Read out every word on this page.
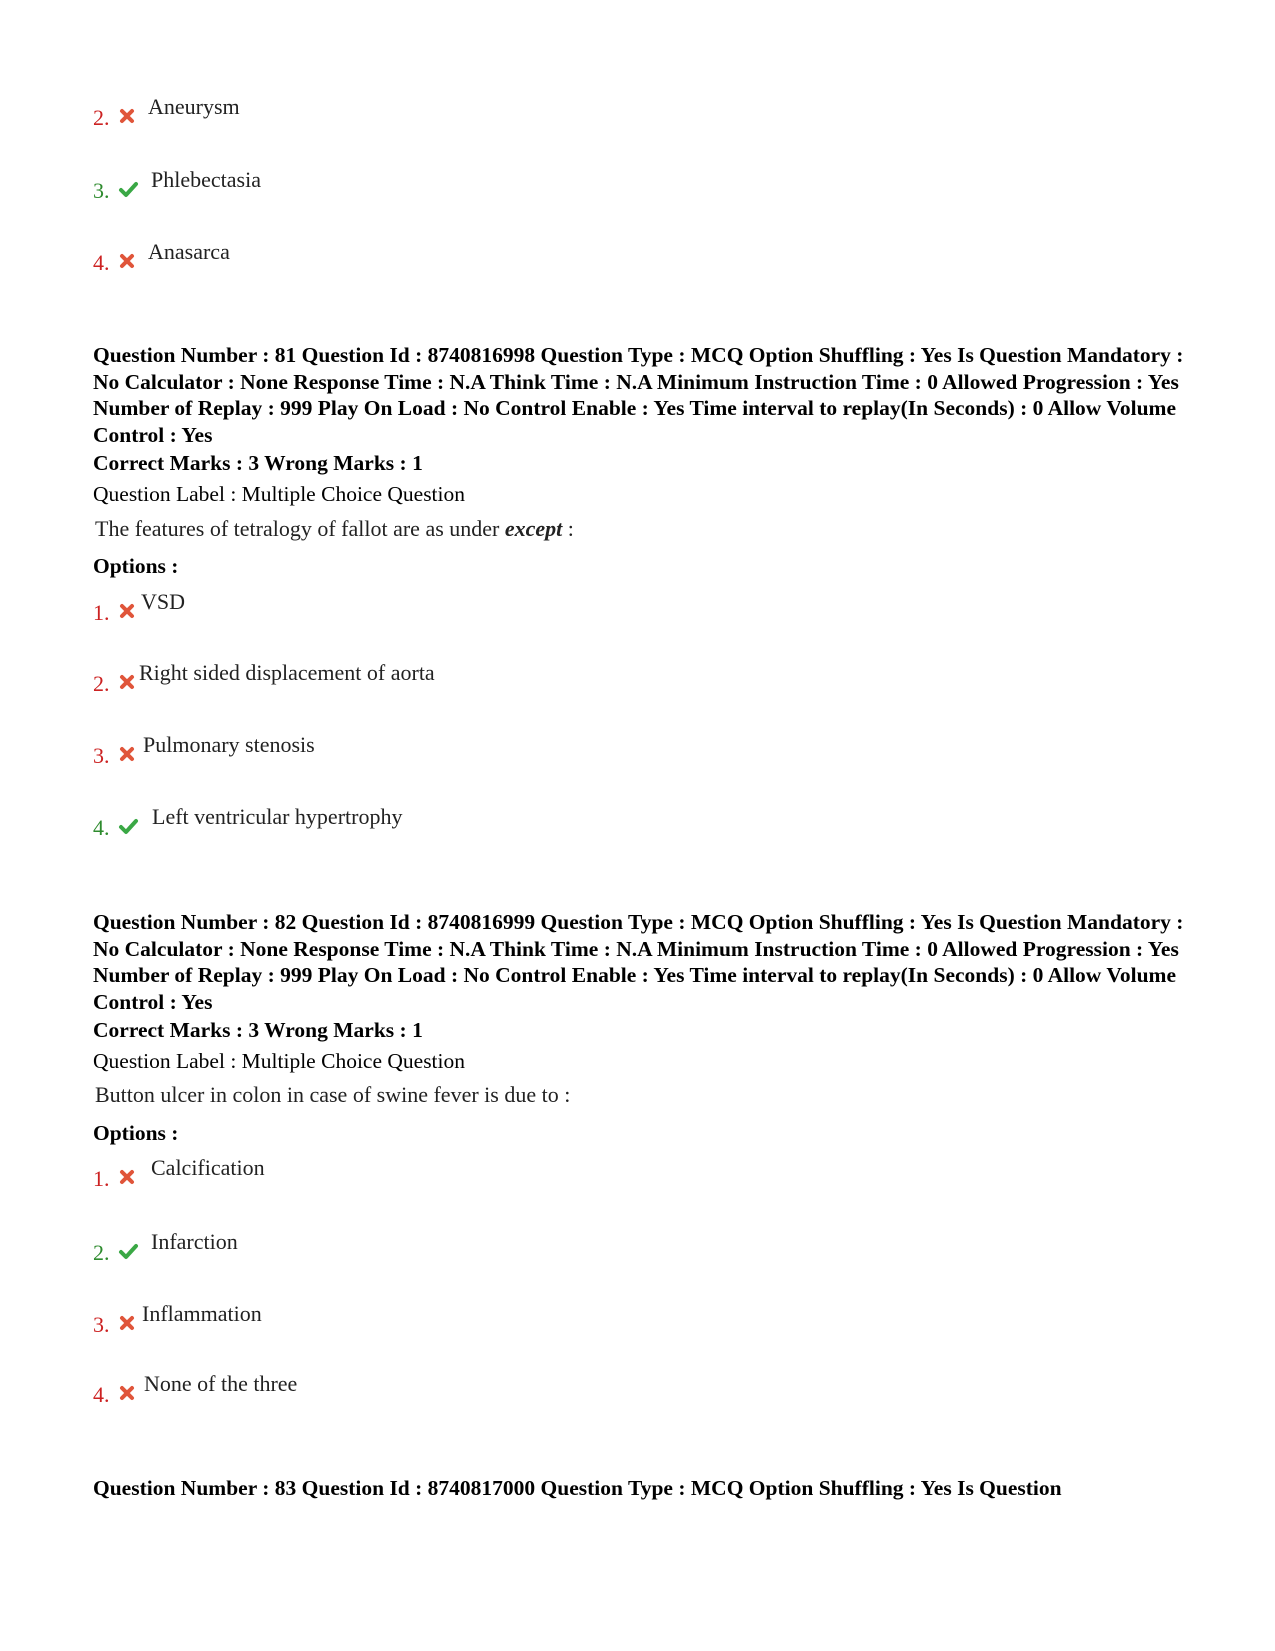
2. Aneurysm
3. Phlebectasia
4. Anasarca

Question Number : 81 Question Id : 8740816998 Question Type : MCQ Option Shuffling : Yes Is Question Mandatory : No Calculator : None Response Time : N.A Think Time : N.A Minimum Instruction Time : 0 Allowed Progression : Yes Number of Replay : 999 Play On Load : No Control Enable : Yes Time interval to replay(In Seconds) : 0 Allow Volume Control : Yes

Correct Marks : 3 Wrong Marks : 1
Question Label : Multiple Choice Question
The features of tetralogy of fallot are as under except :
Options :
1. VSD
2. Right sided displacement of aorta
3. Pulmonary stenosis
4. Left ventricular hypertrophy

Question Number : 82 Question Id : 8740816999 Question Type : MCQ Option Shuffling : Yes Is Question Mandatory : No Calculator : None Response Time : N.A Think Time : N.A Minimum Instruction Time : 0 Allowed Progression : Yes Number of Replay : 999 Play On Load : No Control Enable : Yes Time interval to replay(In Seconds) : 0 Allow Volume Control : Yes

Correct Marks : 3 Wrong Marks : 1
Question Label : Multiple Choice Question
Button ulcer in colon in case of swine fever is due to :
Options :
1. Calcification
2. Infarction
3. Inflammation
4. None of the three

Question Number : 83 Question Id : 8740817000 Question Type : MCQ Option Shuffling : Yes Is Question
